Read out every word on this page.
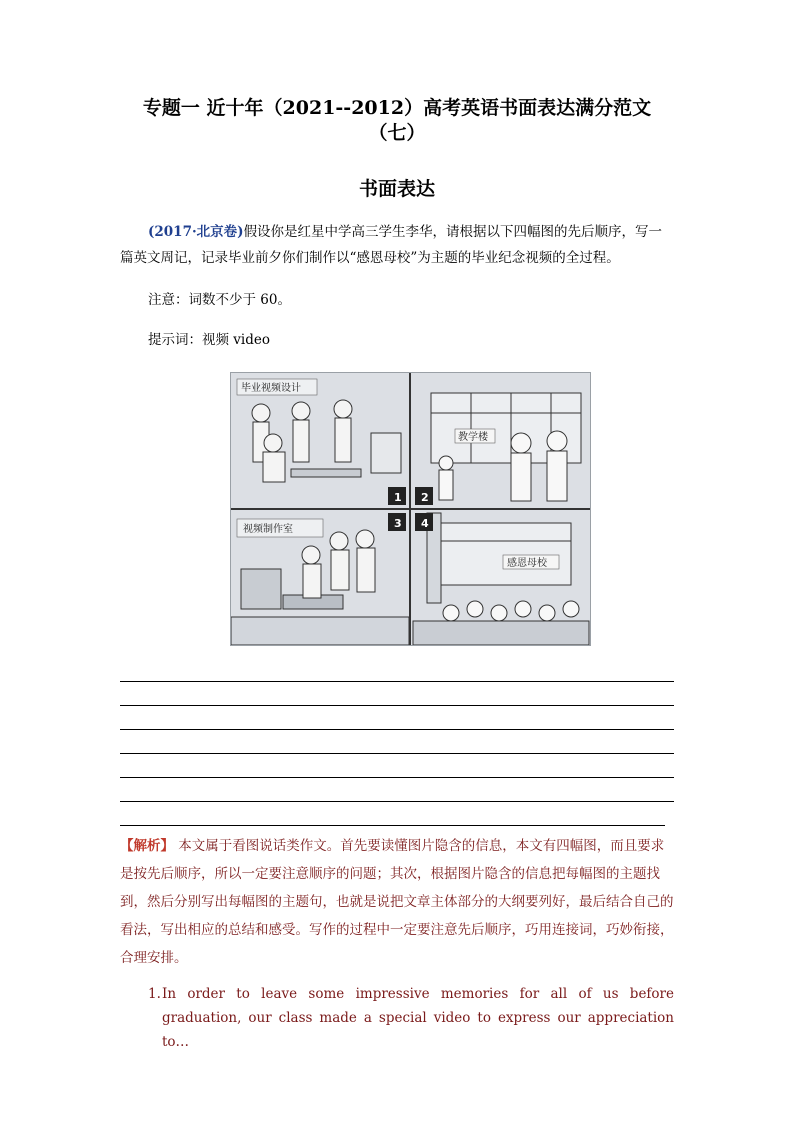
专题一 近十年（2021--2012）高考英语书面表达满分范文
（七）
书面表达
(2017·北京卷)假设你是红星中学高三学生李华，请根据以下四幅图的先后顺序，写一篇英文周记，记录毕业前夕你们制作以“感恩母校”为主题的毕业纪念视频的全过程。
注意：词数不少于 60。
提示词：视频 video
毕业视频设计
1
教学楼
2
视频制作室	3
感恩母校
4
【解析】 本文属于看图说话类作文。首先要读懂图片隐含的信息，本文有四幅图，而且要求是按先后顺序，所以一定要注意顺序的问题；其次，根据图片隐含的信息把每幅图的主题找到，然后分别写出每幅图的主题句，也就是说把文章主体部分的大纲要列好，最后结合自己的看法，写出相应的总结和感受。写作的过程中一定要注意先后顺序，巧用连接词，巧妙衔接，合理安排。
1. In order to leave some impressive memories for all of us before graduation, our class made a special video to express our appreciation to…
